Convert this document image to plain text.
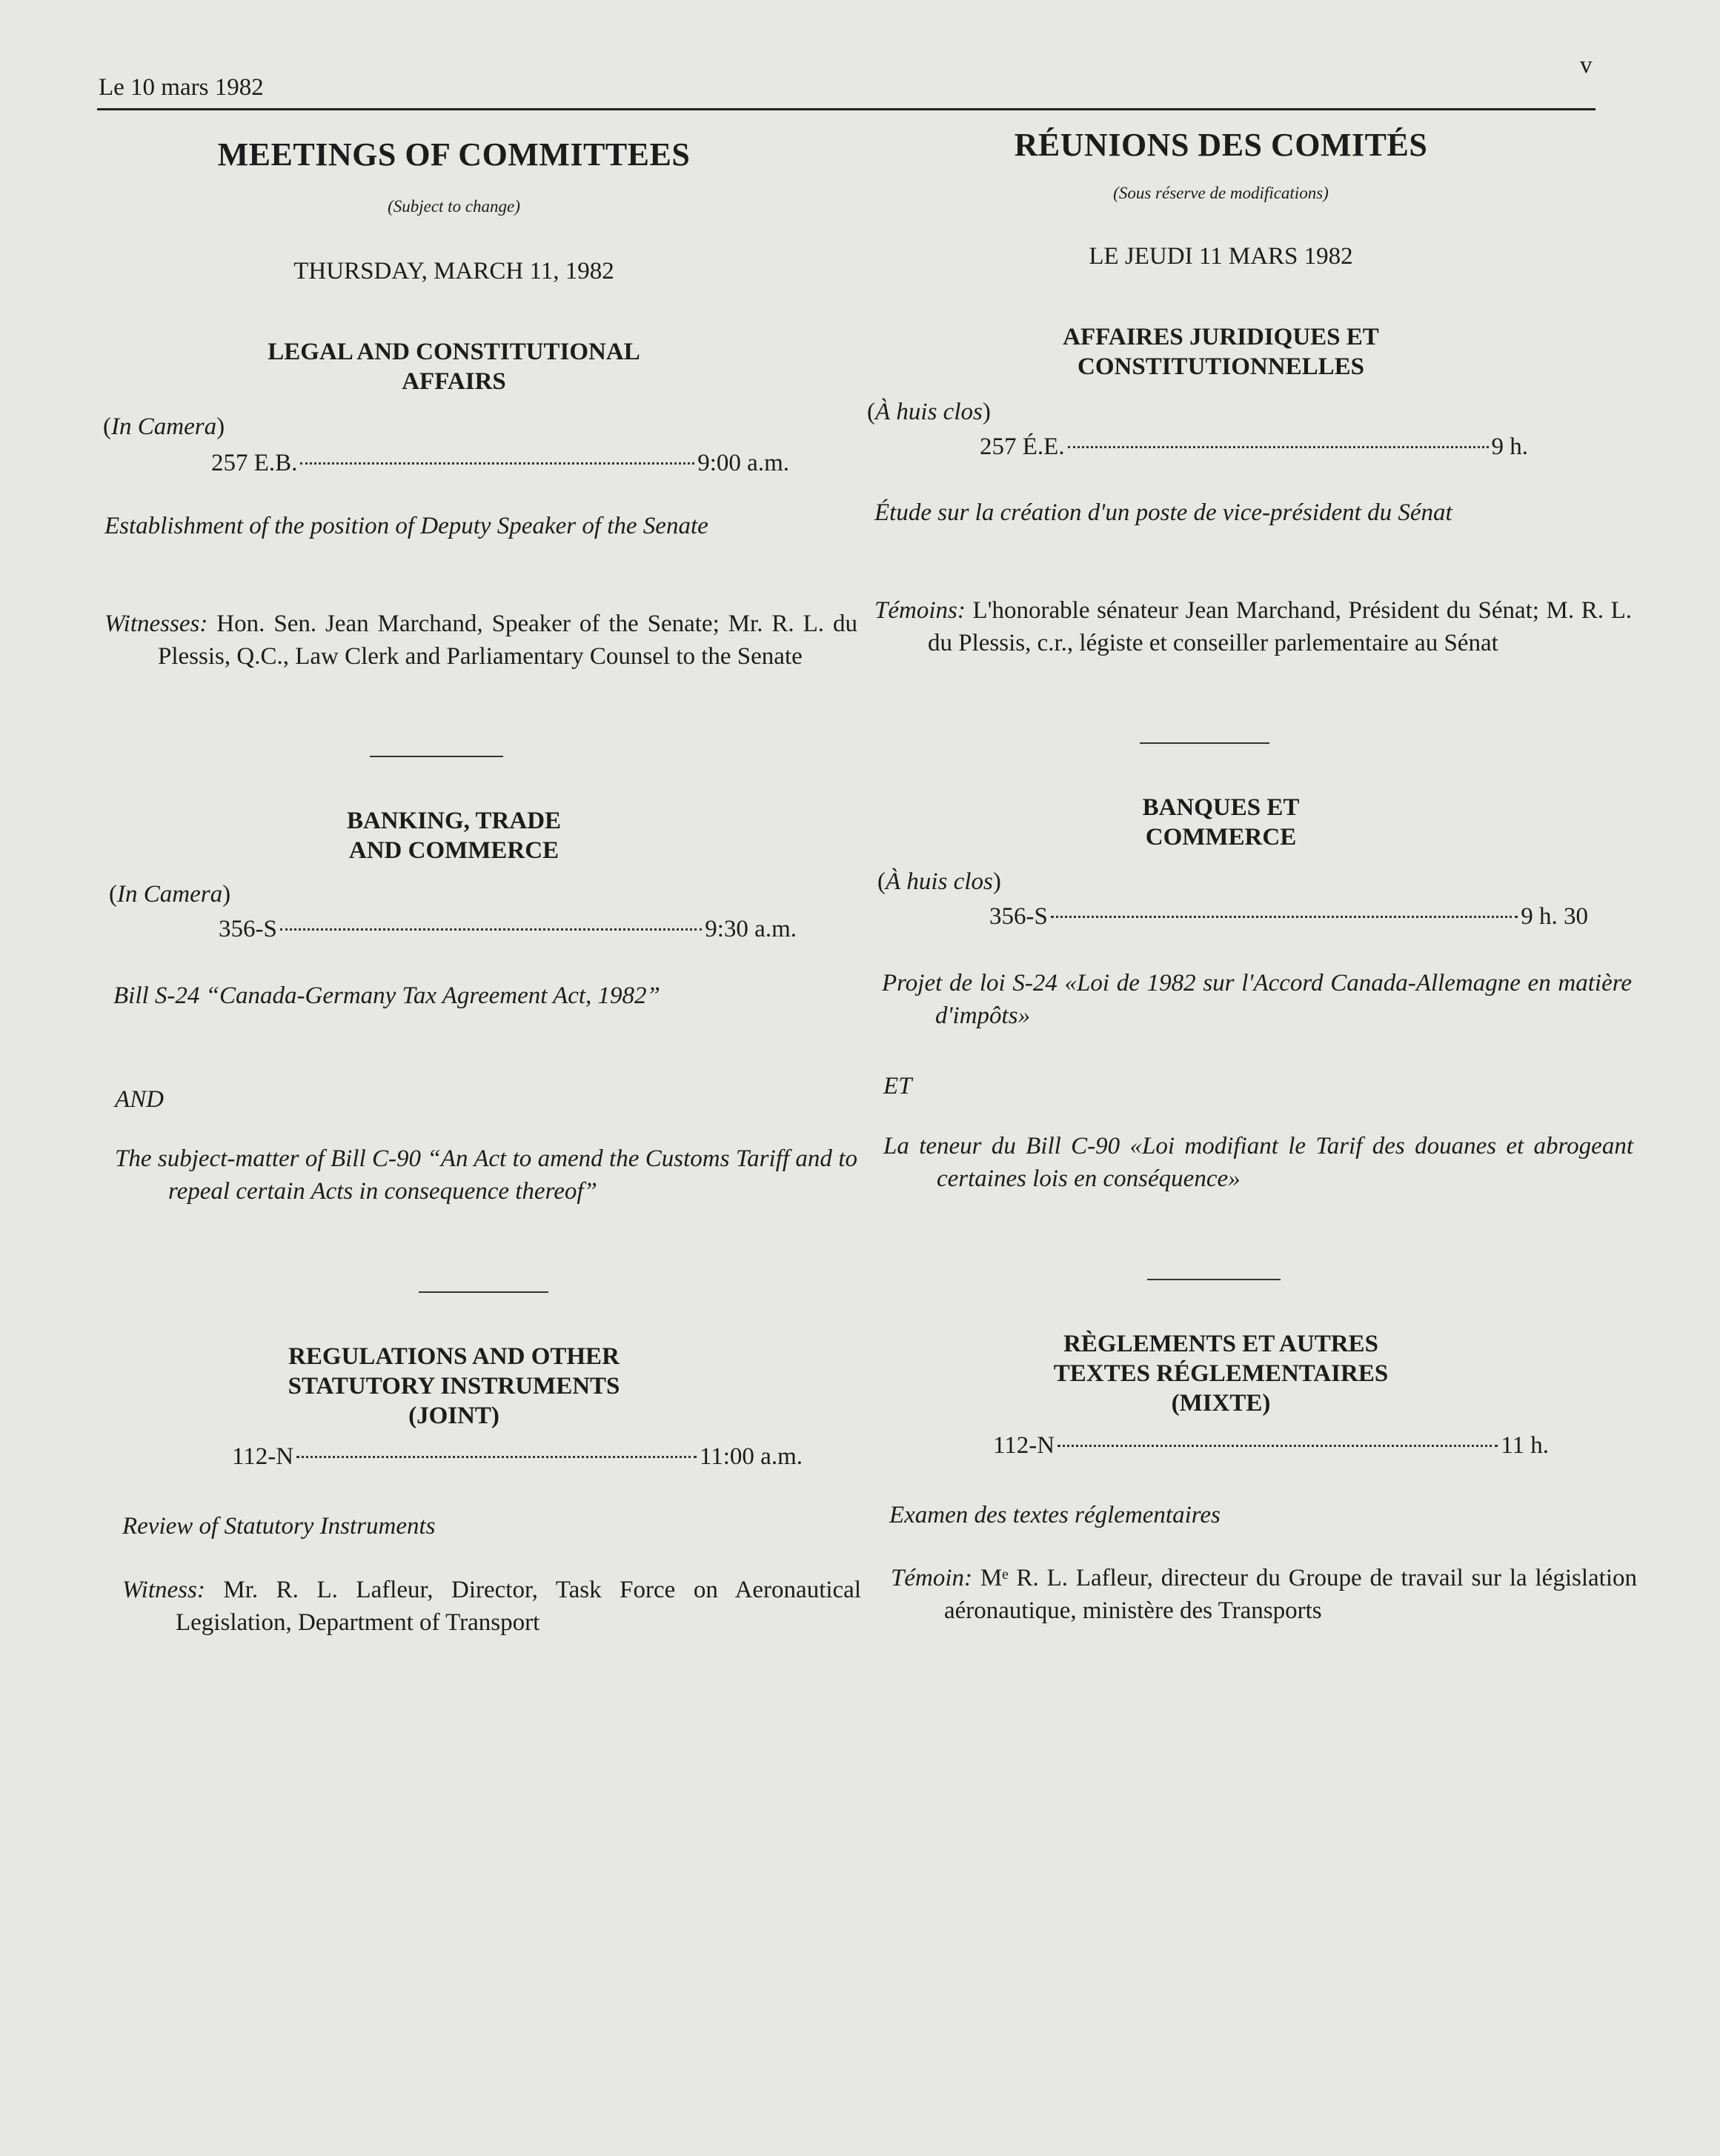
Le 10 mars 1982
v
MEETINGS OF COMMITTEES
(Subject to change)
THURSDAY, MARCH 11, 1982
LEGAL AND CONSTITUTIONAL
AFFAIRS
(In Camera)
257 E.B.	9:00 a.m.
Establishment of the position of Deputy Speaker of the Senate
Witnesses: Hon. Sen. Jean Marchand, Speaker of the Senate; Mr. R. L. du Plessis, Q.C., Law Clerk and Parliamentary Counsel to the Senate
BANKING, TRADE
AND COMMERCE
(In Camera)
356-S	9:30 a.m.
Bill S-24 “Canada-Germany Tax Agreement Act, 1982”
AND
The subject-matter of Bill C-90 “An Act to amend the Customs Tariff and to repeal certain Acts in consequence thereof”
REGULATIONS AND OTHER
STATUTORY INSTRUMENTS
(JOINT)
112-N	11:00 a.m.
Review of Statutory Instruments
Witness: Mr. R. L. Lafleur, Director, Task Force on Aeronautical Legislation, Department of Transport
RÉUNIONS DES COMITÉS
(Sous réserve de modifications)
LE JEUDI 11 MARS 1982
AFFAIRES JURIDIQUES ET
CONSTITUTIONNELLES
(À huis clos)
257 É.E.	9 h.
Étude sur la création d'un poste de vice-président du Sénat
Témoins: L'honorable sénateur Jean Marchand, Président du Sénat; M. R. L. du Plessis, c.r., légiste et conseiller parlementaire au Sénat
BANQUES ET
COMMERCE
(À huis clos)
356-S	9 h. 30
Projet de loi S-24 «Loi de 1982 sur l'Accord Canada-Allemagne en matière d'impôts»
ET
La teneur du Bill C-90 «Loi modifiant le Tarif des douanes et abrogeant certaines lois en conséquence»
RÈGLEMENTS ET AUTRES
TEXTES RÉGLEMENTAIRES
(MIXTE)
112-N	11 h.
Examen des textes réglementaires
Témoin: Mᵉ R. L. Lafleur, directeur du Groupe de travail sur la législation aéronautique, ministère des Transports
